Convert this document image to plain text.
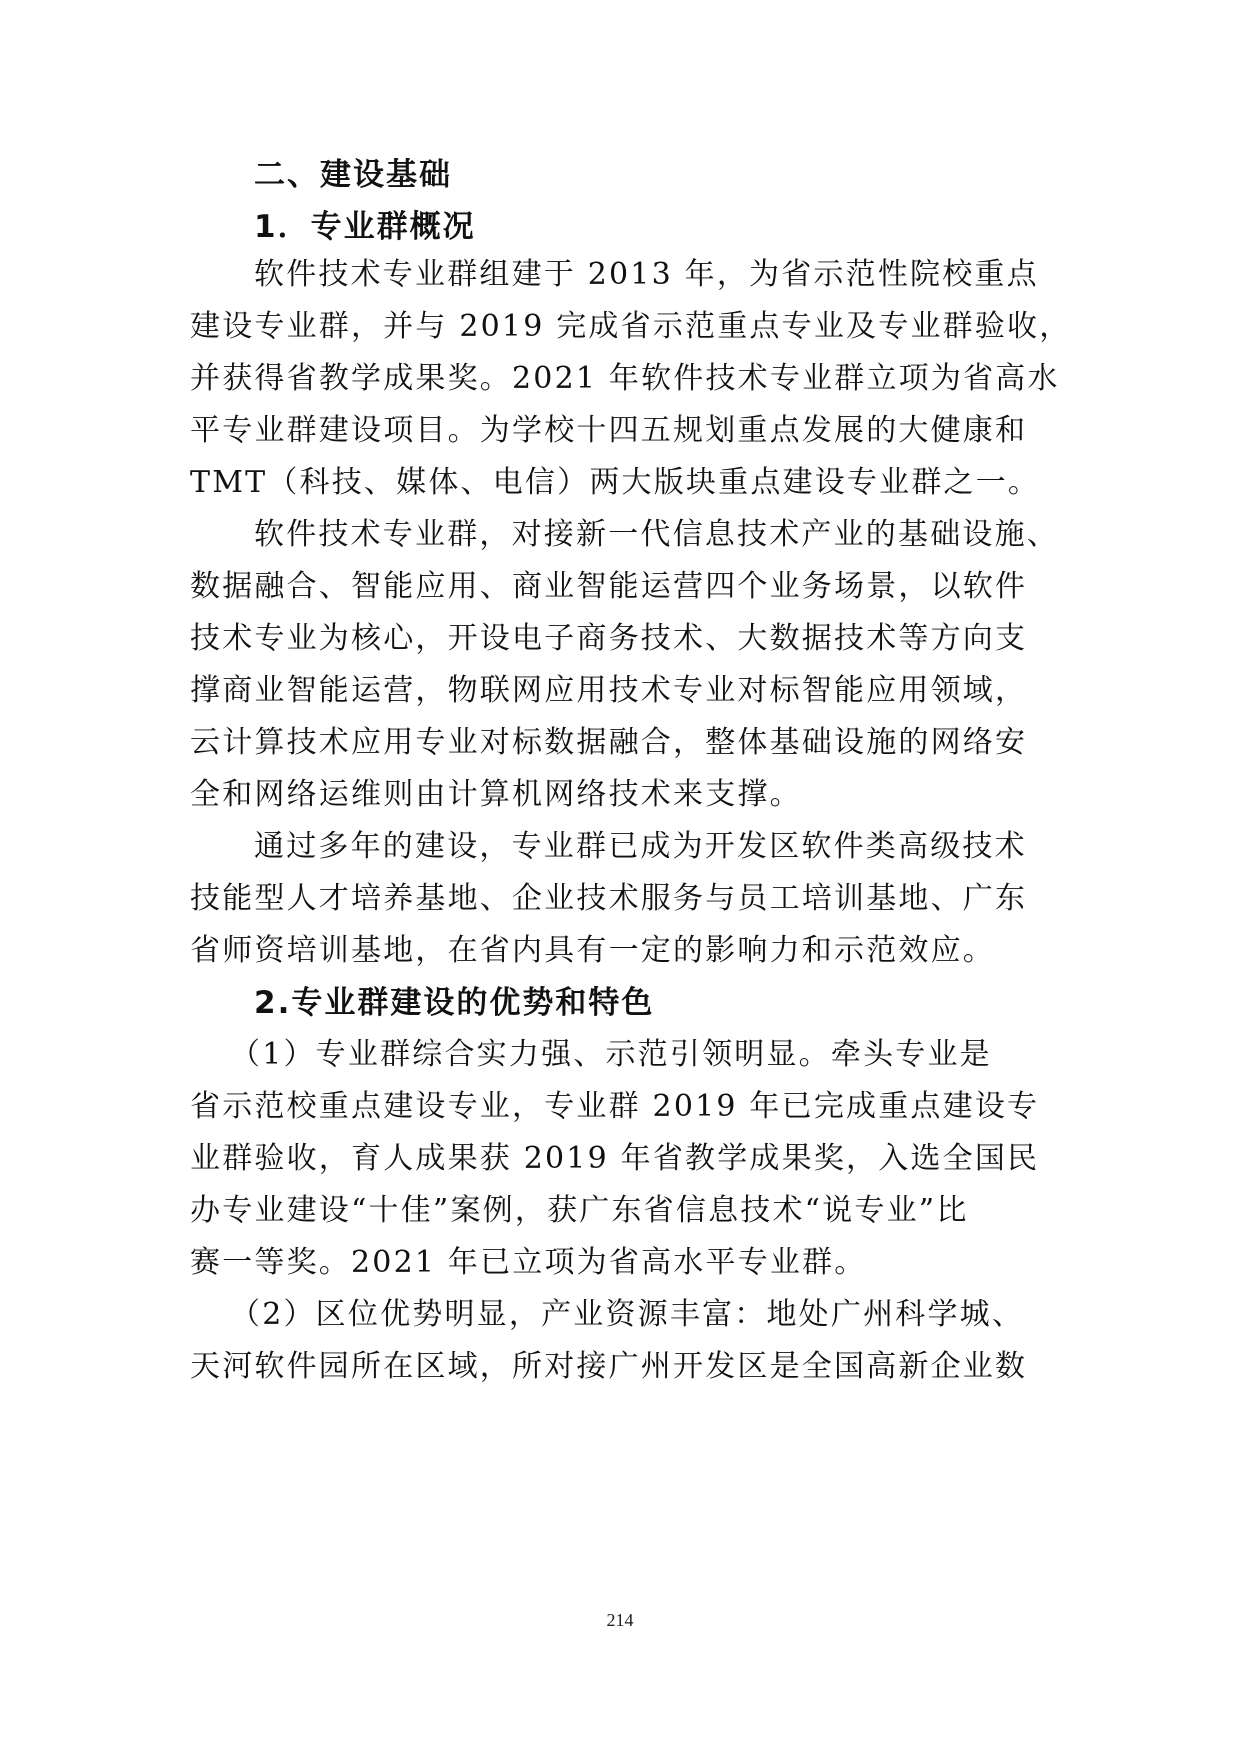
二、建设基础
1．专业群概况
软件技术专业群组建于 2013 年，为省示范性院校重点
建设专业群，并与 2019 完成省示范重点专业及专业群验收，
并获得省教学成果奖。2021 年软件技术专业群立项为省高水
平专业群建设项目。为学校十四五规划重点发展的大健康和
TMT（科技、媒体、电信）两大版块重点建设专业群之一。
软件技术专业群，对接新一代信息技术产业的基础设施、
数据融合、智能应用、商业智能运营四个业务场景，以软件
技术专业为核心，开设电子商务技术、大数据技术等方向支
撑商业智能运营，物联网应用技术专业对标智能应用领域，
云计算技术应用专业对标数据融合，整体基础设施的网络安
全和网络运维则由计算机网络技术来支撑。
通过多年的建设，专业群已成为开发区软件类高级技术
技能型人才培养基地、企业技术服务与员工培训基地、广东
省师资培训基地，在省内具有一定的影响力和示范效应。
2.专业群建设的优势和特色
（1）专业群综合实力强、示范引领明显。牵头专业是
省示范校重点建设专业，专业群 2019 年已完成重点建设专
业群验收，育人成果获 2019 年省教学成果奖，入选全国民
办专业建设“十佳”案例，获广东省信息技术“说专业”比
赛一等奖。2021 年已立项为省高水平专业群。
（2）区位优势明显，产业资源丰富：地处广州科学城、
天河软件园所在区域，所对接广州开发区是全国高新企业数
214
